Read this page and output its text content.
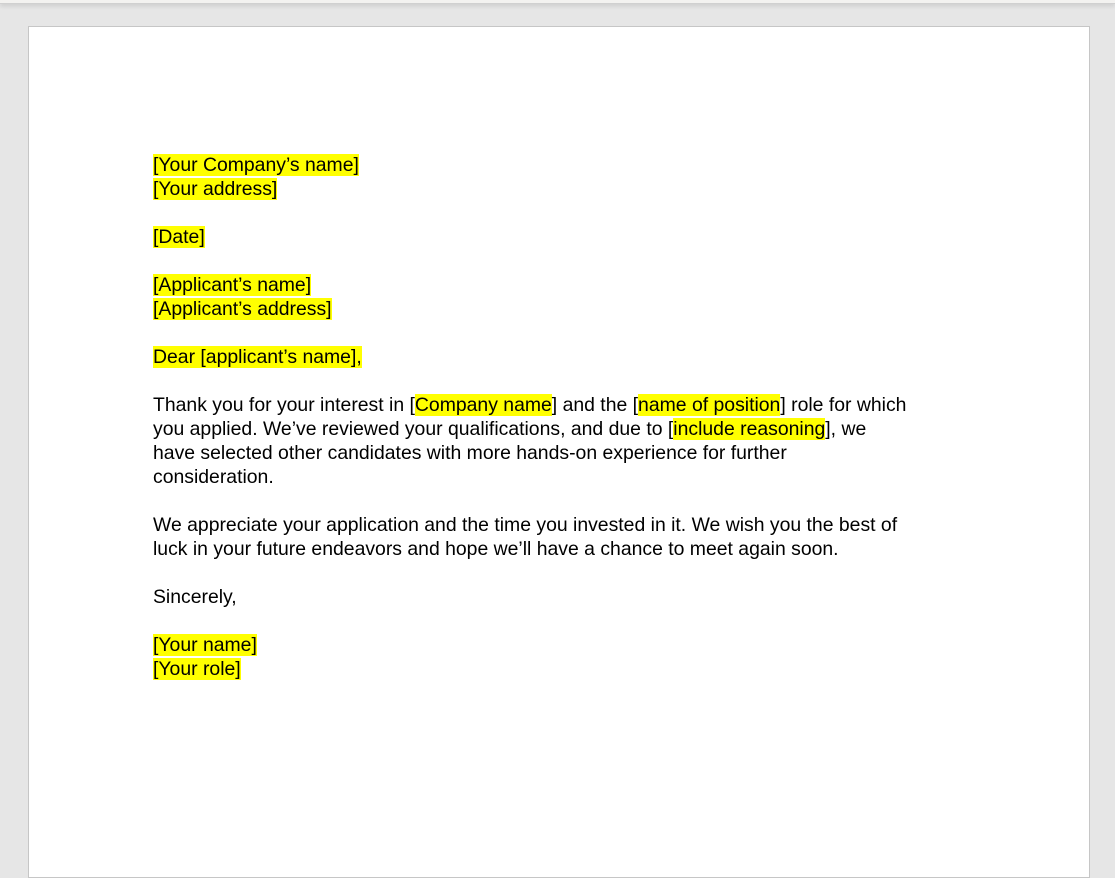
[Your Company’s name]
[Your address]
[Date]
[Applicant’s name]
[Applicant’s address]
Dear [applicant’s name],
Thank you for your interest in [Company name] and the [name of position] role for which
you applied. We’ve reviewed your qualifications, and due to [include reasoning], we
have selected other candidates with more hands-on experience for further
consideration.
We appreciate your application and the time you invested in it. We wish you the best of
luck in your future endeavors and hope we’ll have a chance to meet again soon.
Sincerely,
[Your name]
[Your role]
